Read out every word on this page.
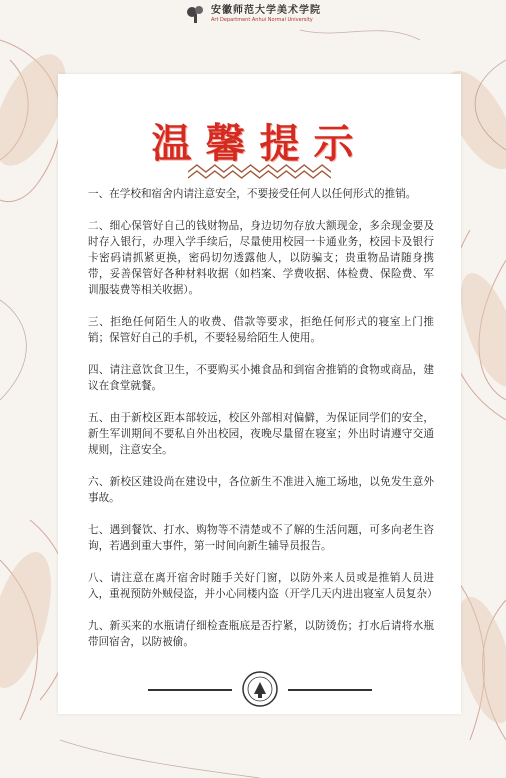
安徽师范大学美术学院
Art Department Anhui Normal University
温馨提示

一、在学校和宿舍内请注意安全，不要接受任何人以任何形式的推销。

二、细心保管好自己的钱财物品，身边切勿存放大额现金，多余现金要及时存入银行，办理入学手续后，尽量使用校园一卡通业务，校园卡及银行卡密码请抓紧更换，密码切勿透露他人，以防骗支；贵重物品请随身携带，妥善保管好各种材料收据（如档案、学费收据、体检费、保险费、军训服装费等相关收据）。

三、拒绝任何陌生人的收费、借款等要求，拒绝任何形式的寝室上门推销；保管好自己的手机，不要轻易给陌生人使用。

四、请注意饮食卫生，不要购买小摊食品和到宿舍推销的食物或商品，建议在食堂就餐。

五、由于新校区距本部较远，校区外部相对偏僻，为保证同学们的安全，新生军训期间不要私自外出校园，夜晚尽量留在寝室；外出时请遵守交通规则，注意安全。

六、新校区建设尚在建设中，各位新生不准进入施工场地，以免发生意外事故。

七、遇到餐饮、打水、购物等不清楚或不了解的生活问题，可多向老生咨询，若遇到重大事件，第一时间向新生辅导员报告。

八、请注意在离开宿舍时随手关好门窗，以防外来人员或是推销人员进入，重视预防外贼侵盗，并小心同楼内盗（开学几天内进出寝室人员复杂）

九、新买来的水瓶请仔细检查瓶底是否拧紧，以防烫伤；打水后请将水瓶带回宿舍，以防被偷。
